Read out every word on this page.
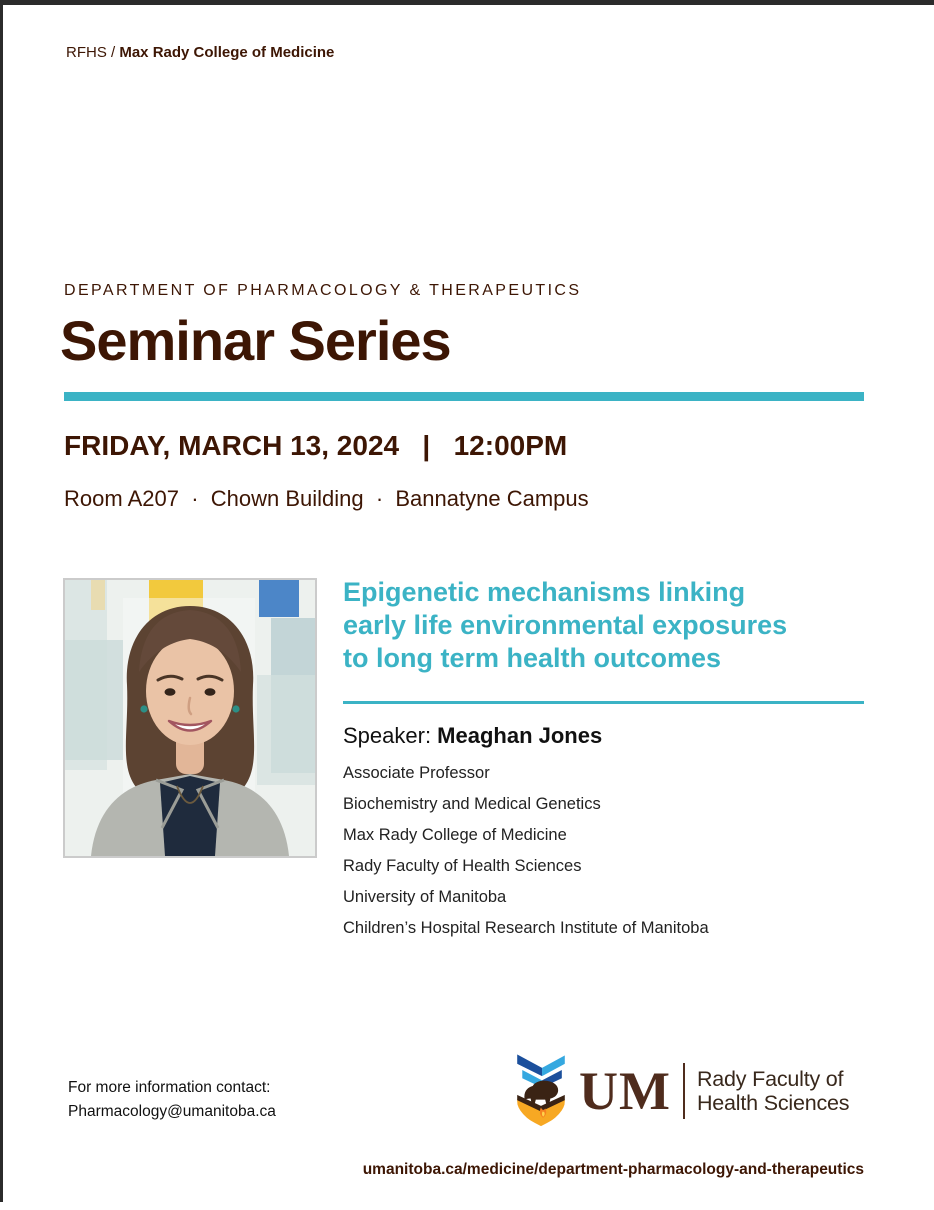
RFHS / Max Rady College of Medicine
DEPARTMENT OF PHARMACOLOGY & THERAPEUTICS
Seminar Series
FRIDAY, MARCH 13, 2024   |   12:00PM
Room A207  ·  Chown Building  ·  Bannatyne Campus
Epigenetic mechanisms linking
early life environmental exposures
to long term health outcomes
Speaker: Meaghan Jones
Associate Professor
Biochemistry and Medical Genetics
Max Rady College of Medicine
Rady Faculty of Health Sciences
University of Manitoba
Children’s Hospital Research Institute of Manitoba
For more information contact:
Pharmacology@umanitoba.ca	UM Rady Faculty of
Health Sciences
umanitoba.ca/medicine/department-pharmacology-and-therapeutics
